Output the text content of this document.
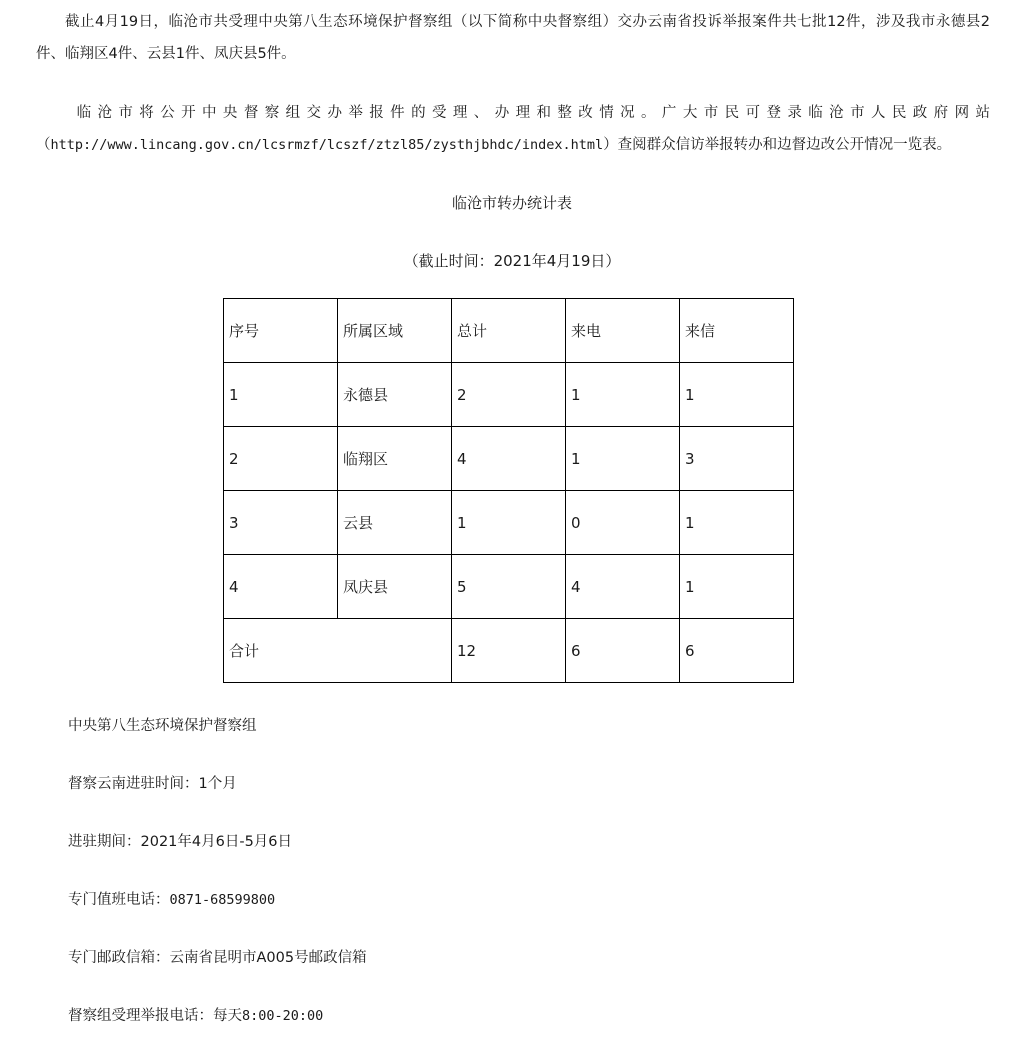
截止4月19日，临沧市共受理中央第八生态环境保护督察组（以下简称中央督察组）交办云南省投诉举报案件共七批12件，涉及我市永德县2件、临翔区4件、云县1件、凤庆县5件。

临沧市将公开中央督察组交办举报件的受理、办理和整改情况。广大市民可登录临沧市人民政府网站（http://www.lincang.gov.cn/lcsrmzf/lcszf/ztzl85/zysthjbhdc/index.html）查阅群众信访举报转办和边督边改公开情况一览表。

临沧市转办统计表
（截止时间：2021年4月19日）
序号	所属区域	总计	来电	来信
1	永德县	2	1	1
2	临翔区	4	1	3
3	云县	1	0	1
4	凤庆县	5	4	1
合计		12	6	6
中央第八生态环境保护督察组
督察云南进驻时间：1个月
进驻期间：2021年4月6日-5月6日
专门值班电话：0871-68599800
专门邮政信箱：云南省昆明市A005号邮政信箱
督察组受理举报电话：每天8:00-20:00
